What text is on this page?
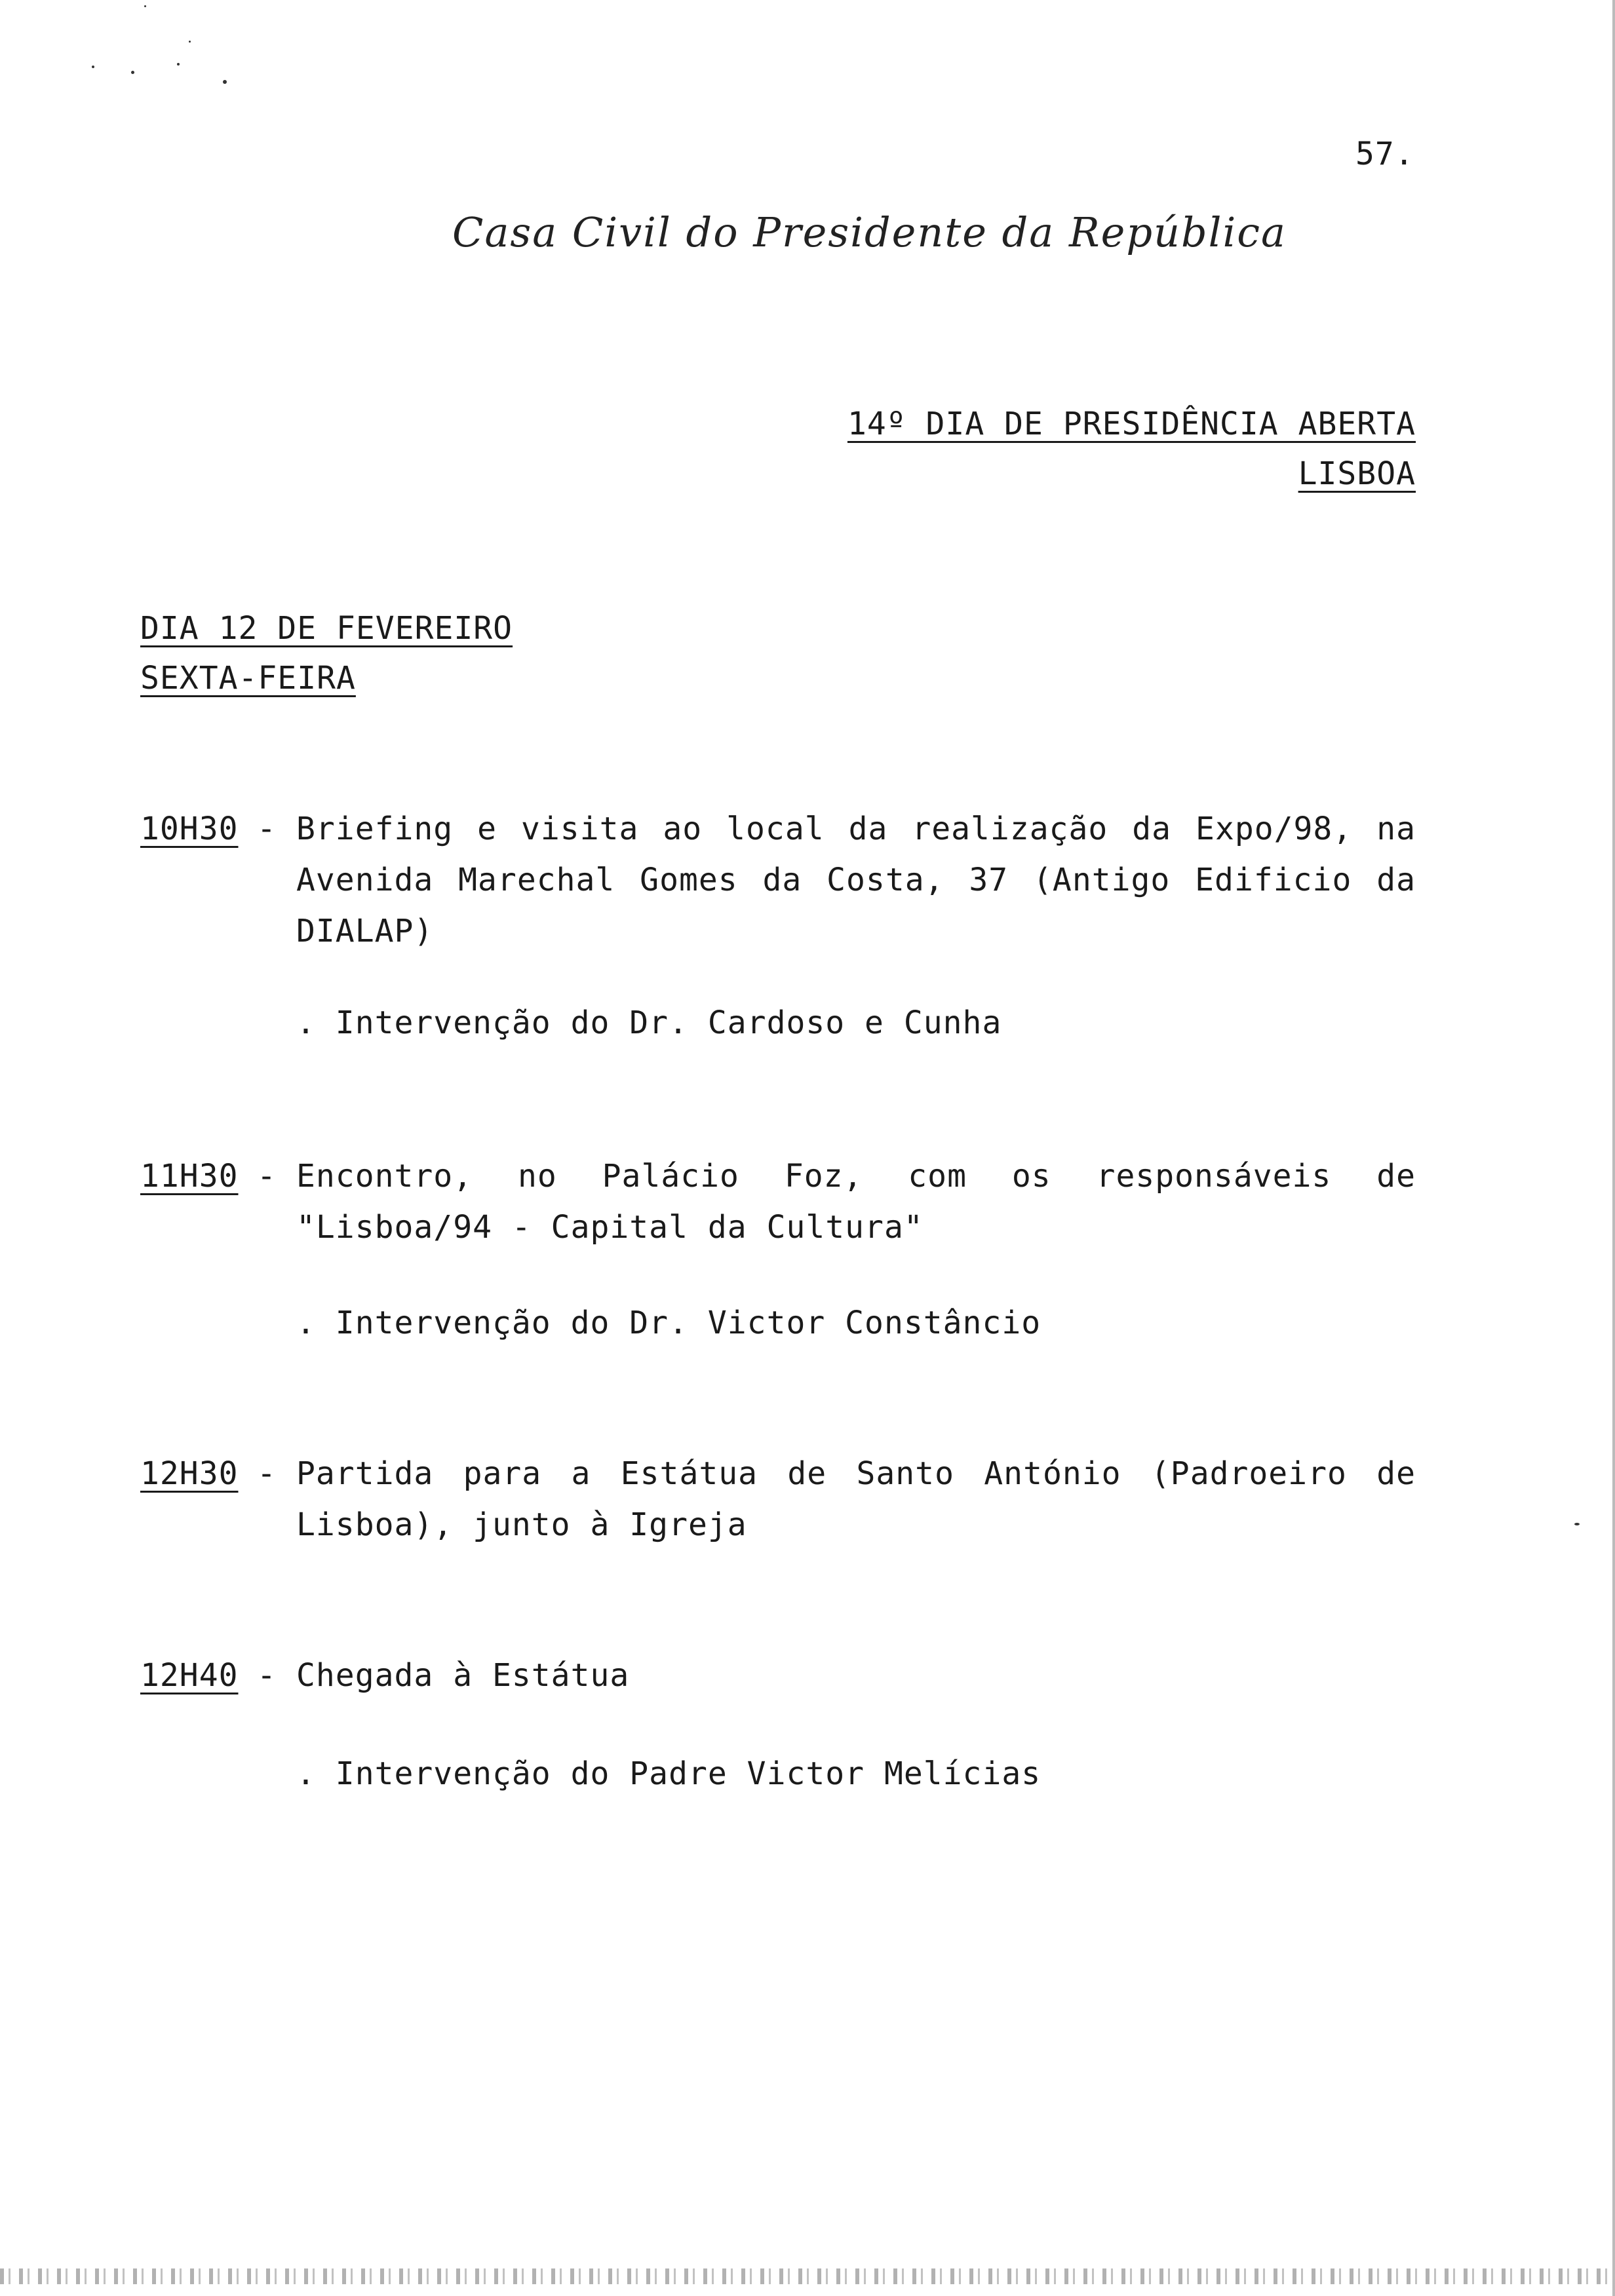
57.
Casa Civil do Presidente da República
14º DIA DE PRESIDÊNCIA ABERTA
LISBOA
DIA 12 DE FEVEREIRO
SEXTA-FEIRA
10H30 - Briefing e visita ao local da realização da Expo/98, na
Avenida Marechal Gomes da Costa, 37 (Antigo Edificio da
DIALAP)
. Intervenção do Dr. Cardoso e Cunha
11H30 - Encontro, no Palácio Foz, com os responsáveis de
"Lisboa/94 - Capital da Cultura"
. Intervenção do Dr. Victor Constâncio
12H30 - Partida para a Estátua de Santo António (Padroeiro de
Lisboa), junto à Igreja
12H40 - Chegada à Estátua
. Intervenção do Padre Victor Melícias
